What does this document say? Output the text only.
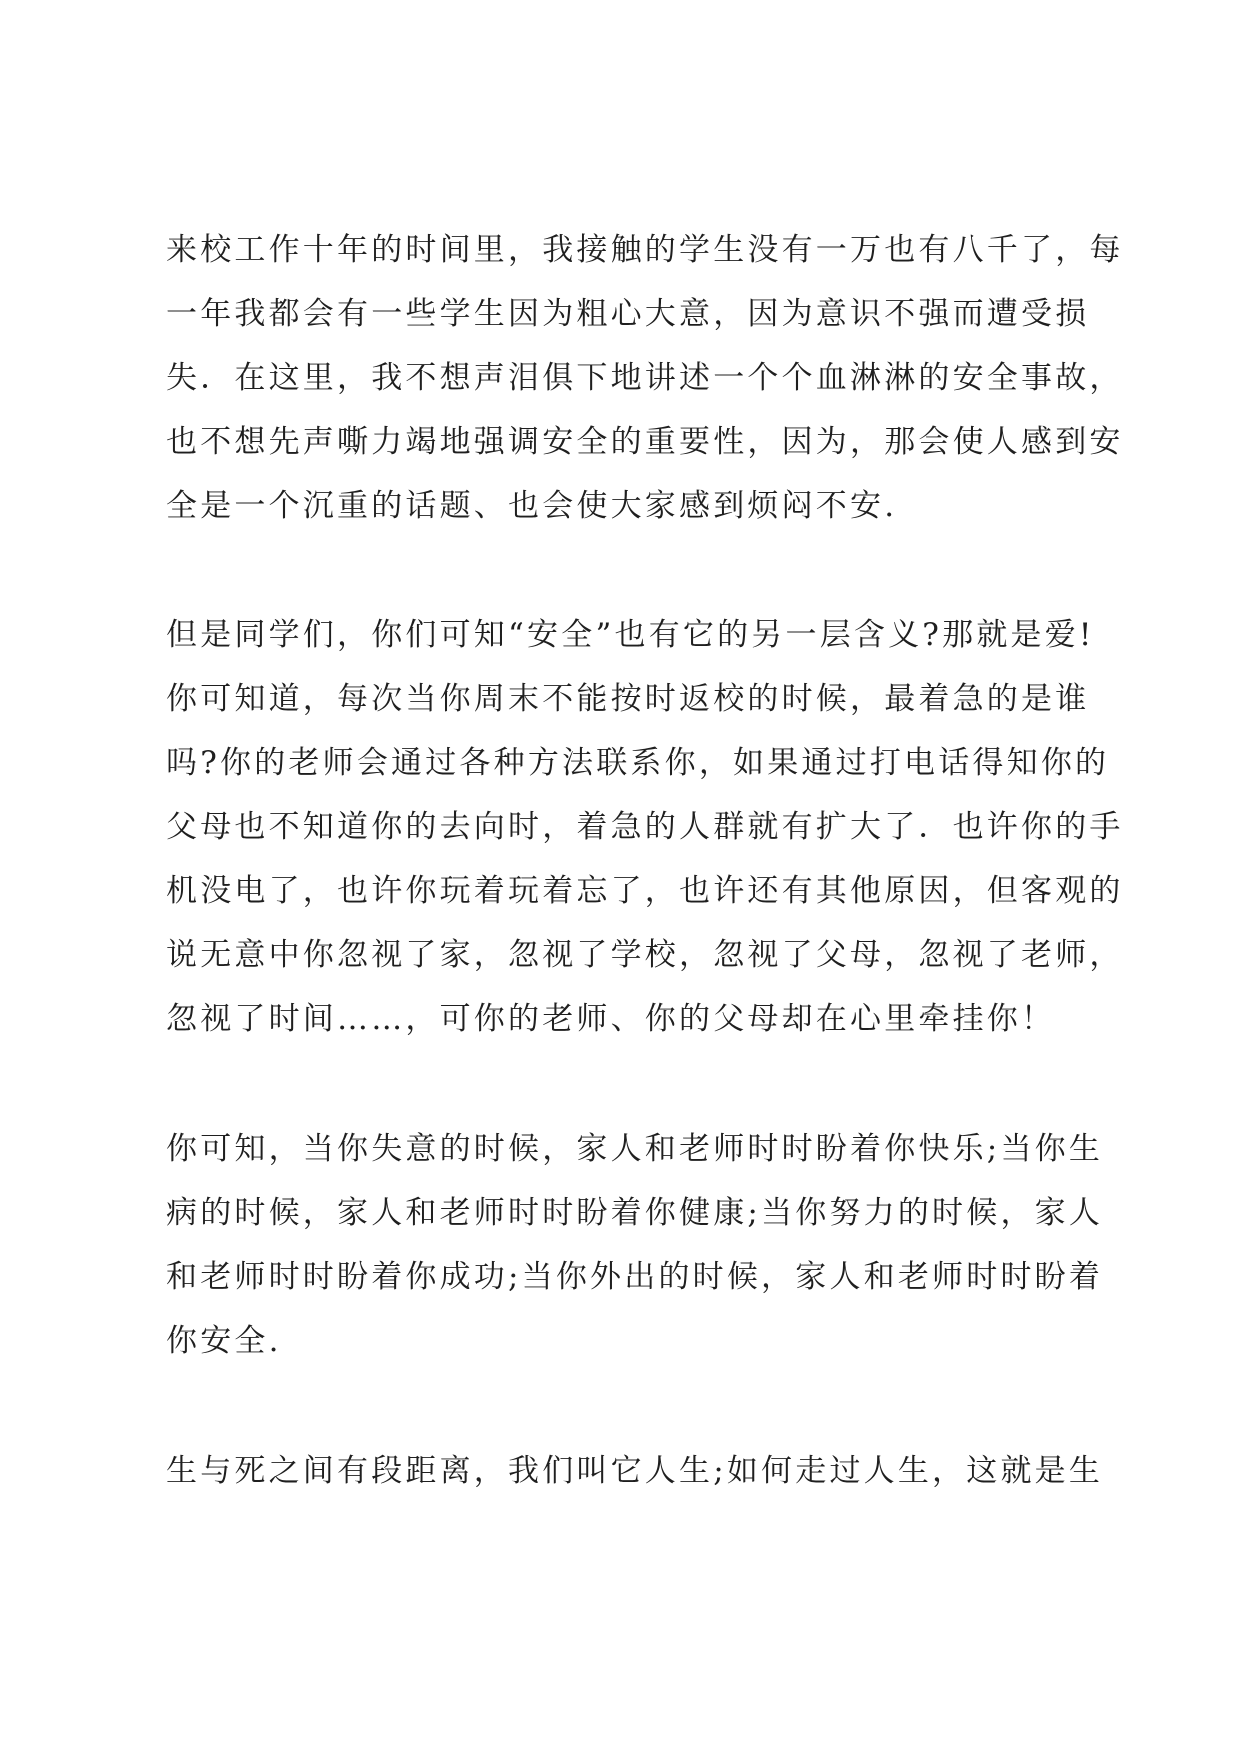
来校工作十年的时间里，我接触的学生没有一万也有八千了，每
一年我都会有一些学生因为粗心大意，因为意识不强而遭受损
失．在这里，我不想声泪俱下地讲述一个个血淋淋的安全事故，
也不想先声嘶力竭地强调安全的重要性，因为，那会使人感到安
全是一个沉重的话题、也会使大家感到烦闷不安.
但是同学们，你们可知“安全”也有它的另一层含义?那就是爱!
你可知道，每次当你周末不能按时返校的时候，最着急的是谁
吗?你的老师会通过各种方法联系你，如果通过打电话得知你的
父母也不知道你的去向时，着急的人群就有扩大了．也许你的手
机没电了，也许你玩着玩着忘了，也许还有其他原因，但客观的
说无意中你忽视了家，忽视了学校，忽视了父母，忽视了老师，
忽视了时间……，可你的老师、你的父母却在心里牵挂你！
你可知，当你失意的时候，家人和老师时时盼着你快乐;当你生
病的时候，家人和老师时时盼着你健康;当你努力的时候，家人
和老师时时盼着你成功;当你外出的时候，家人和老师时时盼着
你安全.
生与死之间有段距离，我们叫它人生;如何走过人生，这就是生
